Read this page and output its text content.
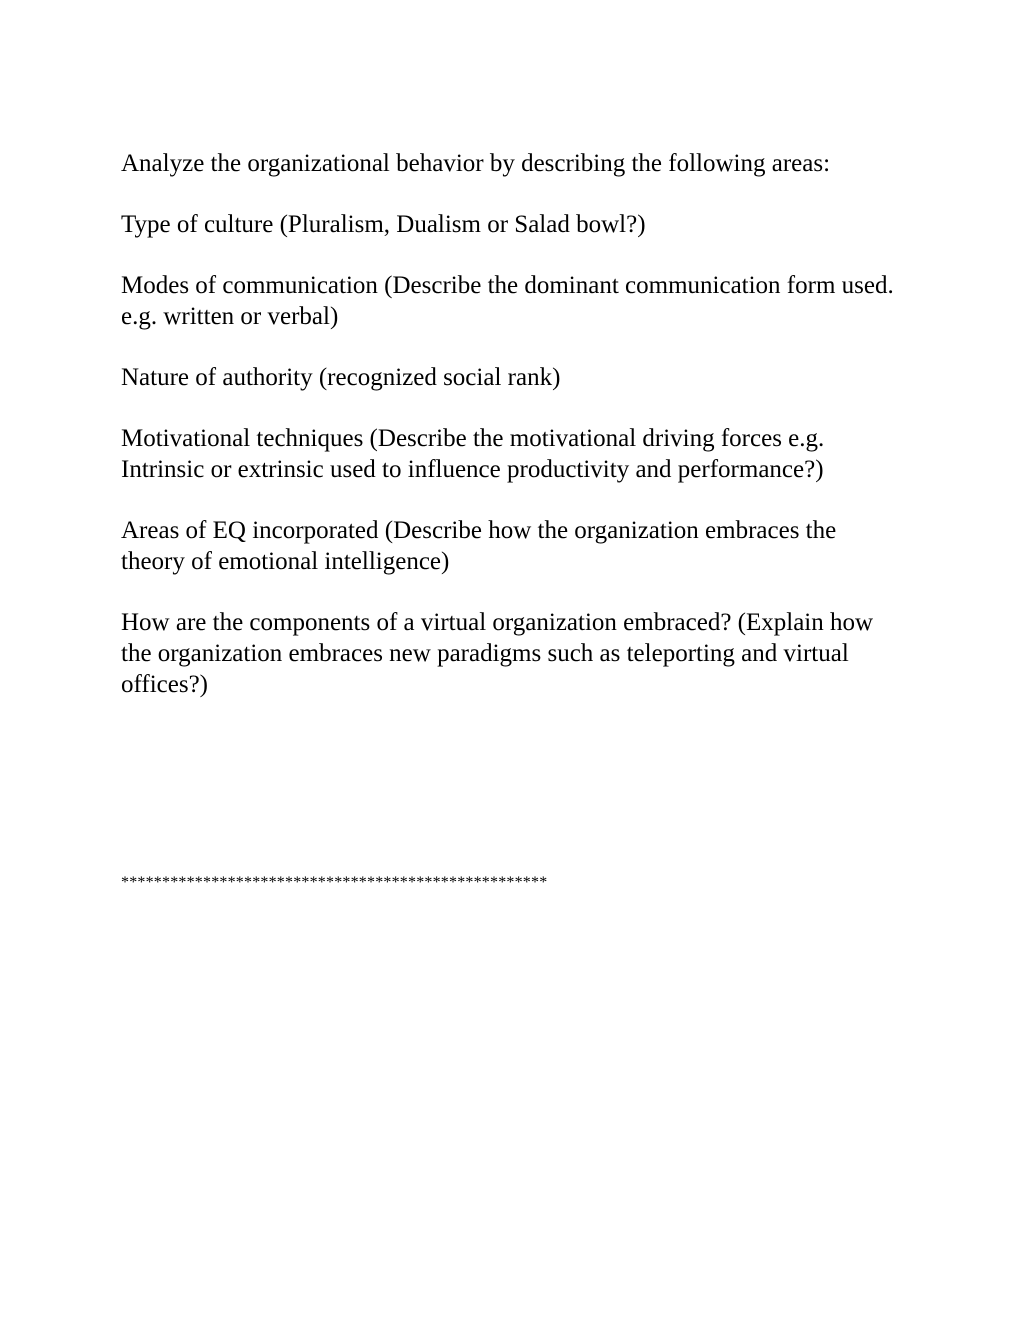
Analyze the organizational behavior by describing the following areas:

Type of culture (Pluralism, Dualism or Salad bowl?)

Modes of communication (Describe the dominant communication form used. e.g. written or verbal)

Nature of authority (recognized social rank)

Motivational techniques (Describe the motivational driving forces e.g. Intrinsic or extrinsic used to influence productivity and performance?)

Areas of EQ incorporated (Describe how the organization embraces the theory of emotional intelligence)

How are the components of a virtual organization embraced? (Explain how the organization embraces new paradigms such as teleporting and virtual offices?)

****************************************************
